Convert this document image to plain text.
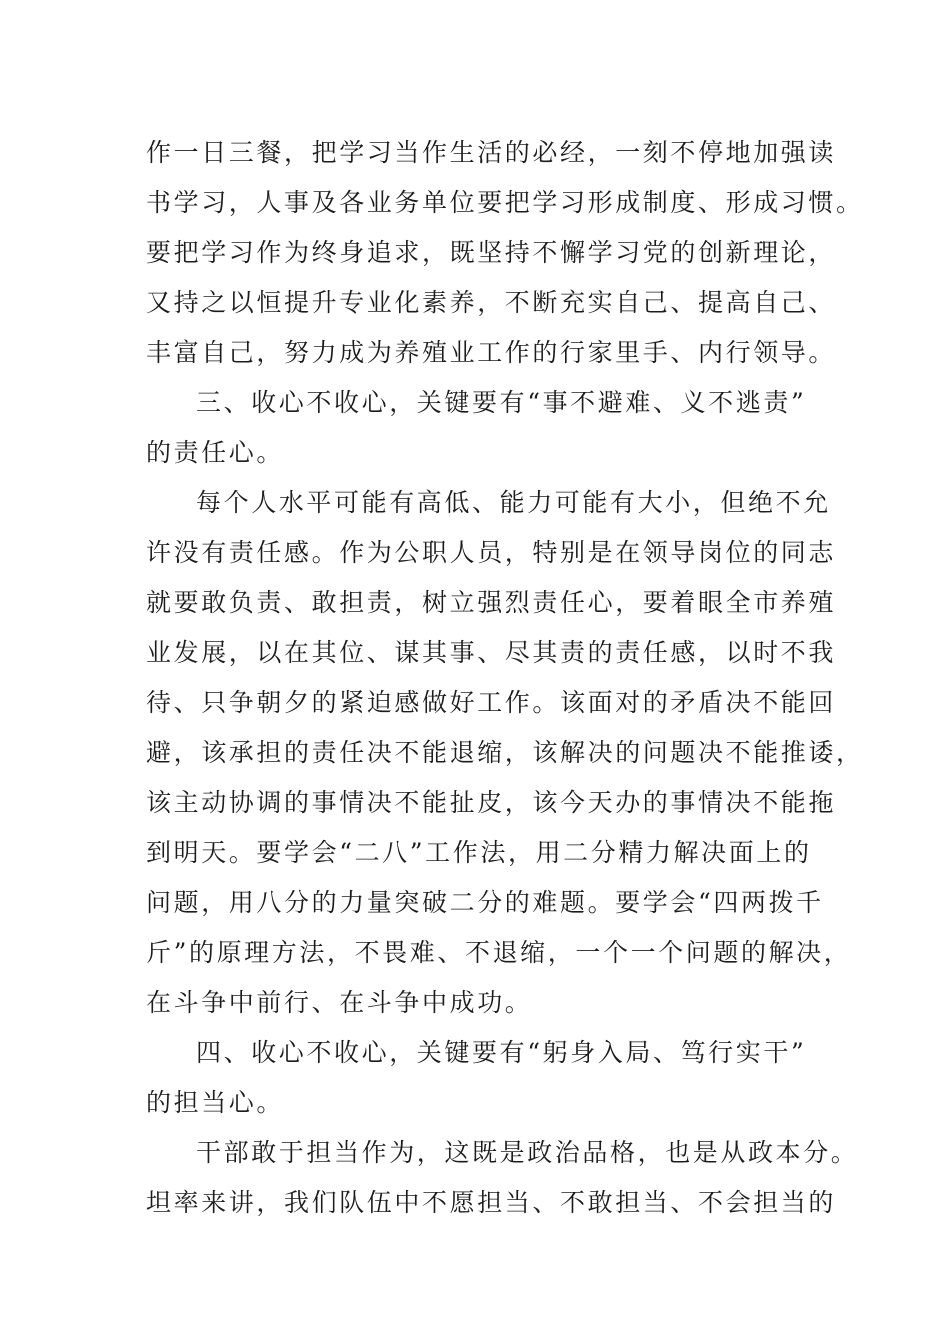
作一日三餐，把学习当作生活的必经，一刻不停地加强读
书学习，人事及各业务单位要把学习形成制度、形成习惯。
要把学习作为终身追求，既坚持不懈学习党的创新理论，
又持之以恒提升专业化素养，不断充实自己、提高自己、
丰富自己，努力成为养殖业工作的行家里手、内行领导。
三、收心不收心，关键要有“事不避难、义不逃责”
的责任心。
每个人水平可能有高低、能力可能有大小，但绝不允
许没有责任感。作为公职人员，特别是在领导岗位的同志
就要敢负责、敢担责，树立强烈责任心，要着眼全市养殖
业发展，以在其位、谋其事、尽其责的责任感，以时不我
待、只争朝夕的紧迫感做好工作。该面对的矛盾决不能回
避，该承担的责任决不能退缩，该解决的问题决不能推诿，
该主动协调的事情决不能扯皮，该今天办的事情决不能拖
到明天。要学会“二八”工作法，用二分精力解决面上的
问题，用八分的力量突破二分的难题。要学会“四两拨千
斤”的原理方法，不畏难、不退缩，一个一个问题的解决，
在斗争中前行、在斗争中成功。
四、收心不收心，关键要有“躬身入局、笃行实干”
的担当心。
干部敢于担当作为，这既是政治品格，也是从政本分。
坦率来讲，我们队伍中不愿担当、不敢担当、不会担当的
